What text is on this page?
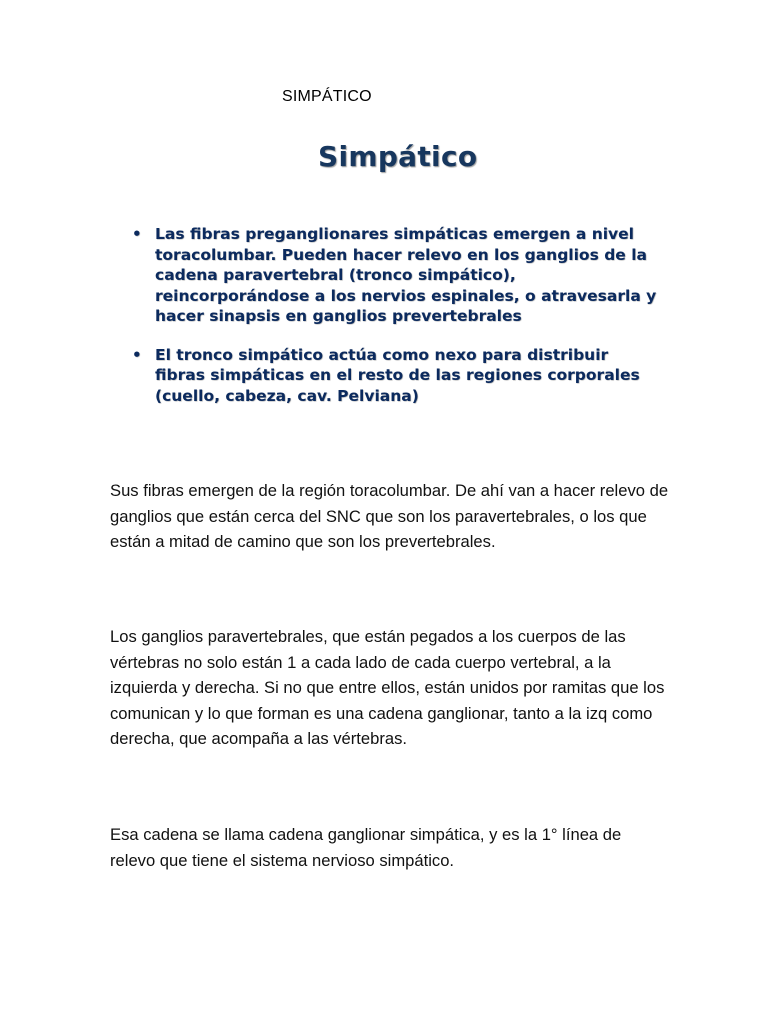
SIMPÁTICO
Simpático
• Las fibras preganglionares simpáticas emergen a nivel toracolumbar. Pueden hacer relevo en los ganglios de la cadena paravertebral (tronco simpático), reincorporándose a los nervios espinales, o atravesarla y hacer sinapsis en ganglios prevertebrales
• El tronco simpático actúa como nexo para distribuir fibras simpáticas en el resto de las regiones corporales (cuello, cabeza, cav. Pelviana)

Sus fibras emergen de la región toracolumbar. De ahí van a hacer relevo de ganglios que están cerca del SNC que son los paravertebrales, o los que están a mitad de camino que son los prevertebrales.

Los ganglios paravertebrales, que están pegados a los cuerpos de las vértebras no solo están 1 a cada lado de cada cuerpo vertebral, a la izquierda y derecha. Si no que entre ellos, están unidos por ramitas que los comunican y lo que forman es una cadena ganglionar, tanto a la izq como derecha, que acompaña a las vértebras.

Esa cadena se llama cadena ganglionar simpática, y es la 1° línea de relevo que tiene el sistema nervioso simpático.
